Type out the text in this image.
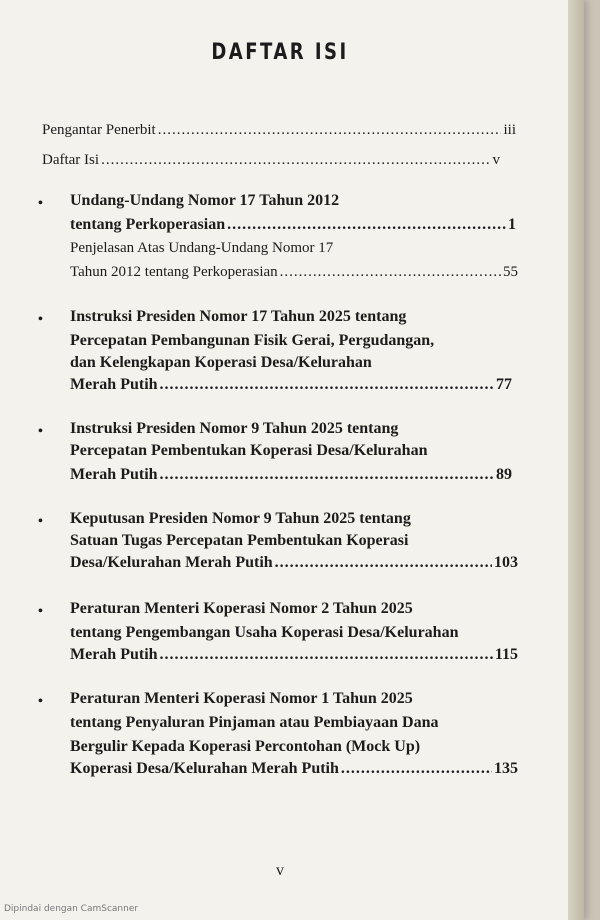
DAFTAR ISI
Pengantar Penerbit .....	iii
Daftar Isi .....	v
• Undang-Undang Nomor 17 Tahun 2012
tentang Perkoperasian .....	1
Penjelasan Atas Undang-Undang Nomor 17
Tahun 2012 tentang Perkoperasian .....	55
• Instruksi Presiden Nomor 17 Tahun 2025 tentang
Percepatan Pembangunan Fisik Gerai, Pergudangan,
dan Kelengkapan Koperasi Desa/Kelurahan
Merah Putih .....	77
• Instruksi Presiden Nomor 9 Tahun 2025 tentang
Percepatan Pembentukan Koperasi Desa/Kelurahan
Merah Putih .....	89
• Keputusan Presiden Nomor 9 Tahun 2025 tentang
Satuan Tugas Percepatan Pembentukan Koperasi
Desa/Kelurahan Merah Putih .....	103
• Peraturan Menteri Koperasi Nomor 2 Tahun 2025
tentang Pengembangan Usaha Koperasi Desa/Kelurahan
Merah Putih .....	115
• Peraturan Menteri Koperasi Nomor 1 Tahun 2025
tentang Penyaluran Pinjaman atau Pembiayaan Dana
Bergulir Kepada Koperasi Percontohan (Mock Up)
Koperasi Desa/Kelurahan Merah Putih .....	135
v
Dipindai dengan CamScanner
